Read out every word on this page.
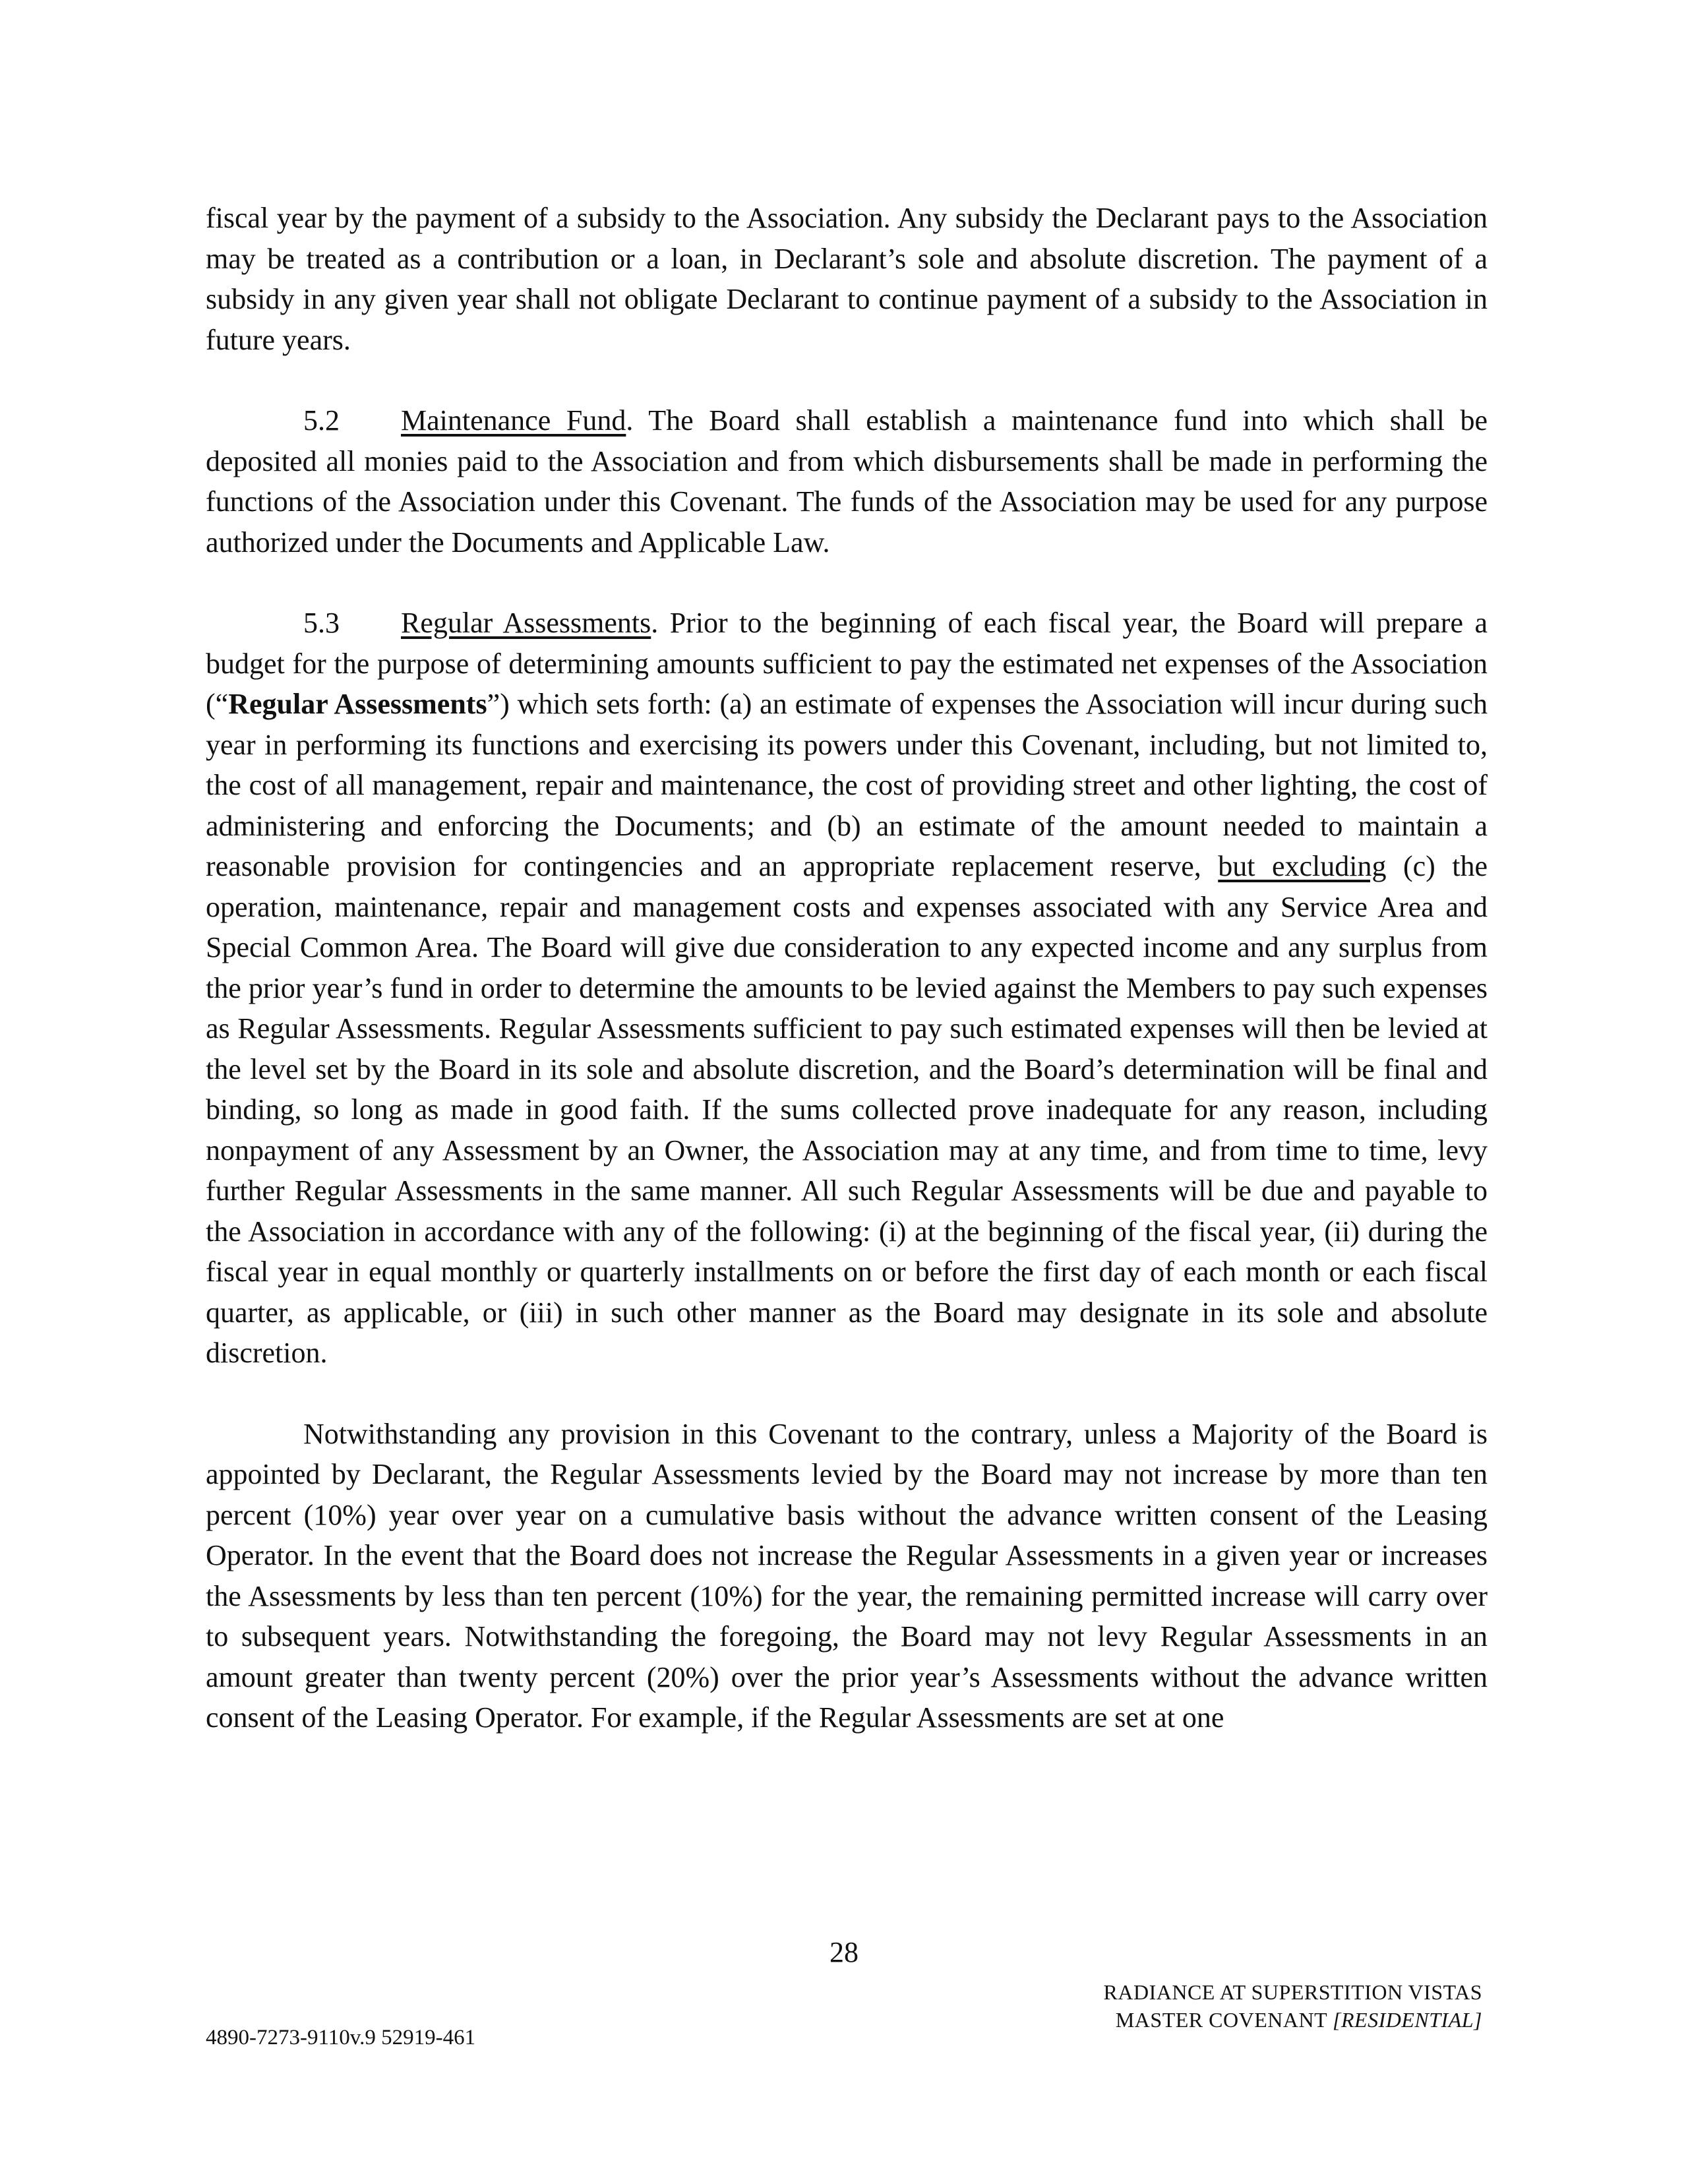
fiscal year by the payment of a subsidy to the Association. Any subsidy the Declarant pays to the Association may be treated as a contribution or a loan, in Declarant’s sole and absolute discretion. The payment of a subsidy in any given year shall not obligate Declarant to continue payment of a subsidy to the Association in future years.

5.2 Maintenance Fund. The Board shall establish a maintenance fund into which shall be deposited all monies paid to the Association and from which disbursements shall be made in performing the functions of the Association under this Covenant. The funds of the Association may be used for any purpose authorized under the Documents and Applicable Law.

5.3 Regular Assessments. Prior to the beginning of each fiscal year, the Board will prepare a budget for the purpose of determining amounts sufficient to pay the estimated net expenses of the Association (“Regular Assessments”) which sets forth: (a) an estimate of expenses the Association will incur during such year in performing its functions and exercising its powers under this Covenant, including, but not limited to, the cost of all management, repair and maintenance, the cost of providing street and other lighting, the cost of administering and enforcing the Documents; and (b) an estimate of the amount needed to maintain a reasonable provision for contingencies and an appropriate replacement reserve, but excluding (c) the operation, maintenance, repair and management costs and expenses associated with any Service Area and Special Common Area. The Board will give due consideration to any expected income and any surplus from the prior year’s fund in order to determine the amounts to be levied against the Members to pay such expenses as Regular Assessments. Regular Assessments sufficient to pay such estimated expenses will then be levied at the level set by the Board in its sole and absolute discretion, and the Board’s determination will be final and binding, so long as made in good faith. If the sums collected prove inadequate for any reason, including nonpayment of any Assessment by an Owner, the Association may at any time, and from time to time, levy further Regular Assessments in the same manner. All such Regular Assessments will be due and payable to the Association in accordance with any of the following: (i) at the beginning of the fiscal year, (ii) during the fiscal year in equal monthly or quarterly installments on or before the first day of each month or each fiscal quarter, as applicable, or (iii) in such other manner as the Board may designate in its sole and absolute discretion.

Notwithstanding any provision in this Covenant to the contrary, unless a Majority of the Board is appointed by Declarant, the Regular Assessments levied by the Board may not increase by more than ten percent (10%) year over year on a cumulative basis without the advance written consent of the Leasing Operator. In the event that the Board does not increase the Regular Assessments in a given year or increases the Assessments by less than ten percent (10%) for the year, the remaining permitted increase will carry over to subsequent years. Notwithstanding the foregoing, the Board may not levy Regular Assessments in an amount greater than twenty percent (20%) over the prior year’s Assessments without the advance written consent of the Leasing Operator. For example, if the Regular Assessments are set at one

28
RADIANCE AT SUPERSTITION VISTAS
MASTER COVENANT [RESIDENTIAL]
4890-7273-9110v.9 52919-461
